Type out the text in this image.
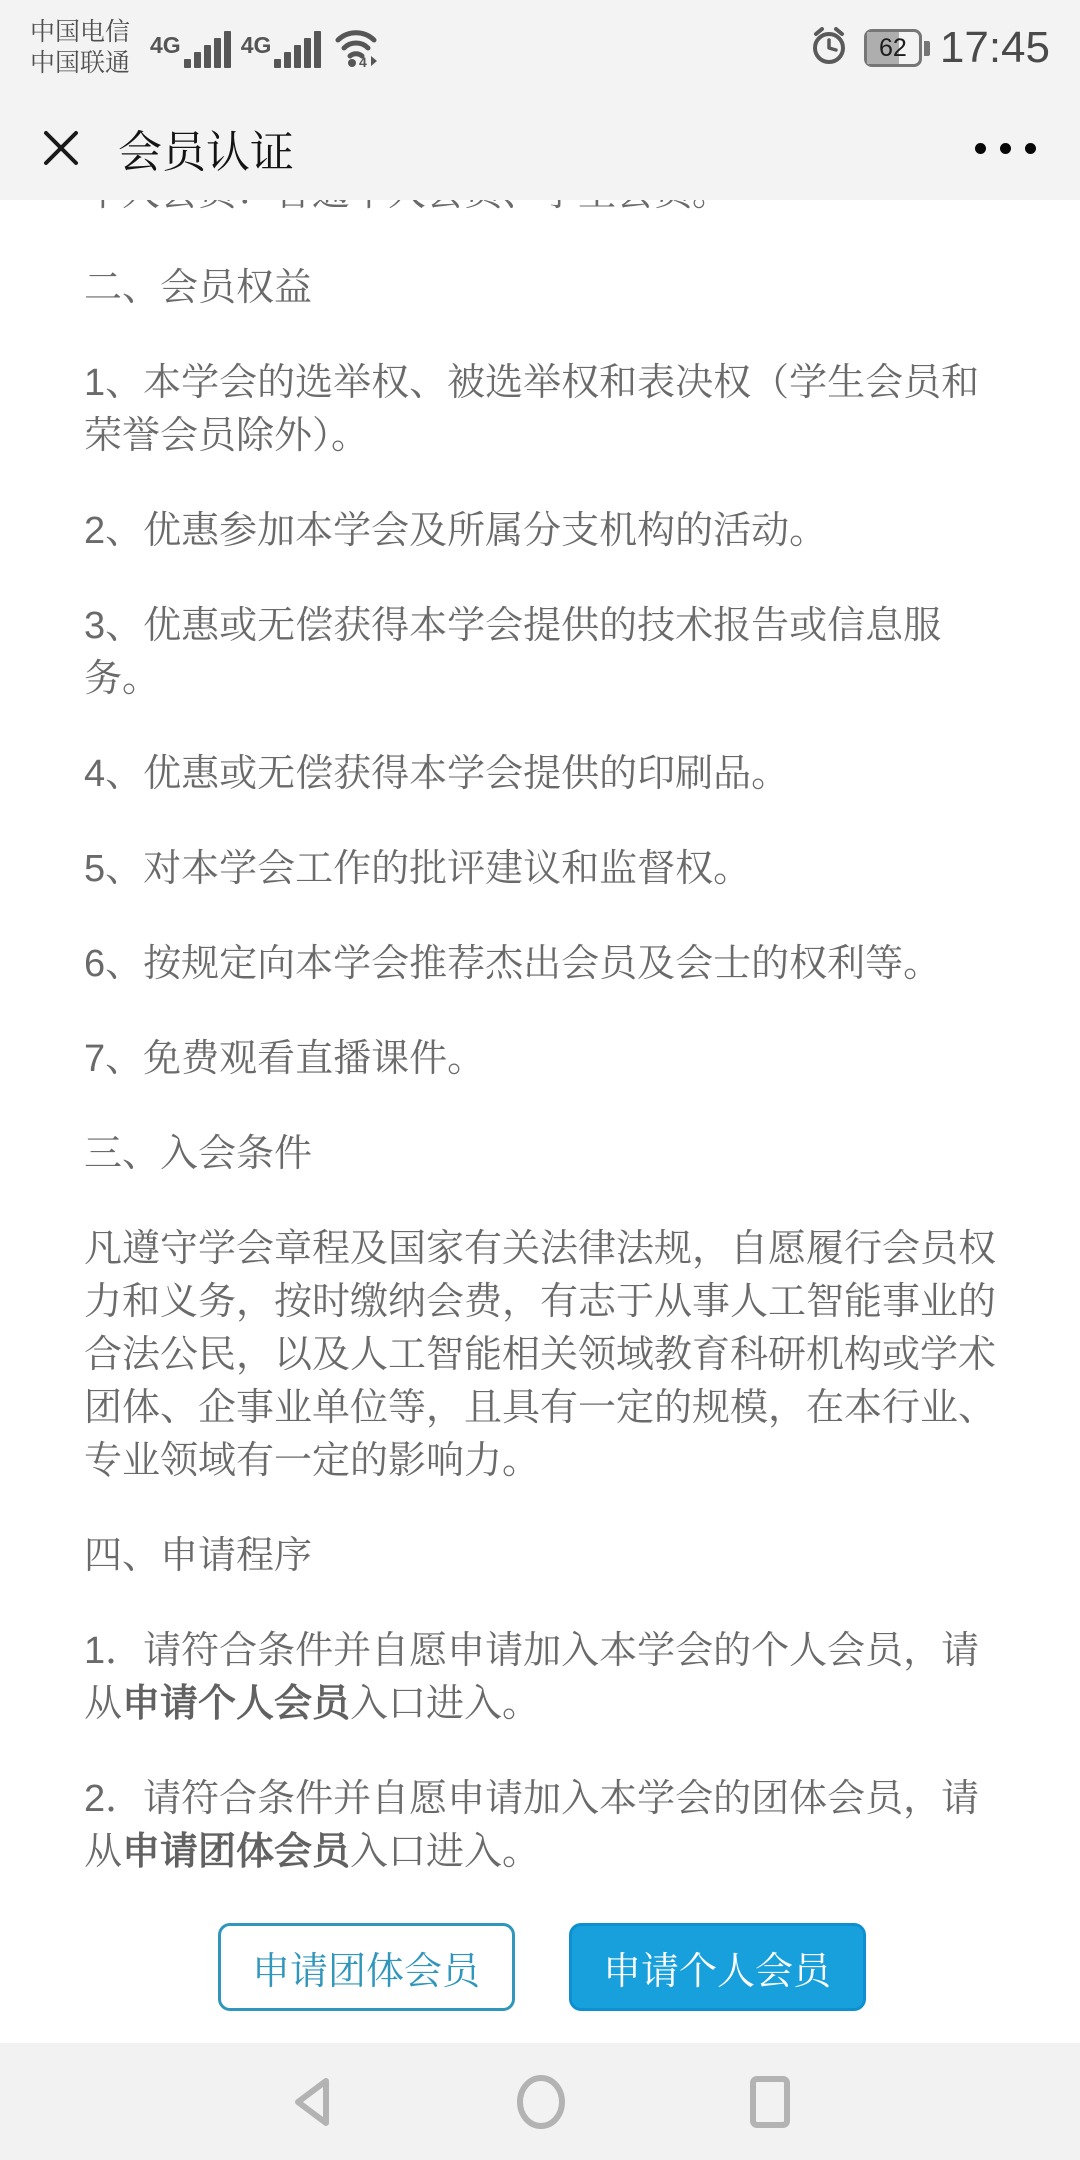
中国电信
中国联通
4G	4G
4	62 17:45
会员认证

二、会员权益

1、本学会的选举权、被选举权和表决权（学生会员和荣誉会员除外）。

2、优惠参加本学会及所属分支机构的活动。

3、优惠或无偿获得本学会提供的技术报告或信息服务。

4、优惠或无偿获得本学会提供的印刷品。

5、对本学会工作的批评建议和监督权。

6、按规定向本学会推荐杰出会员及会士的权利等。

7、免费观看直播课件。

三、入会条件

凡遵守学会章程及国家有关法律法规，自愿履行会员权力和义务，按时缴纳会费，有志于从事人工智能事业的合法公民，以及人工智能相关领域教育科研机构或学术团体、企事业单位等，且具有一定的规模，在本行业、专业领域有一定的影响力。

四、申请程序

1．请符合条件并自愿申请加入本学会的个人会员，请从申请个人会员入口进入。

2．请符合条件并自愿申请加入本学会的团体会员，请从申请团体会员入口进入。

申请团体会员	申请个人会员
